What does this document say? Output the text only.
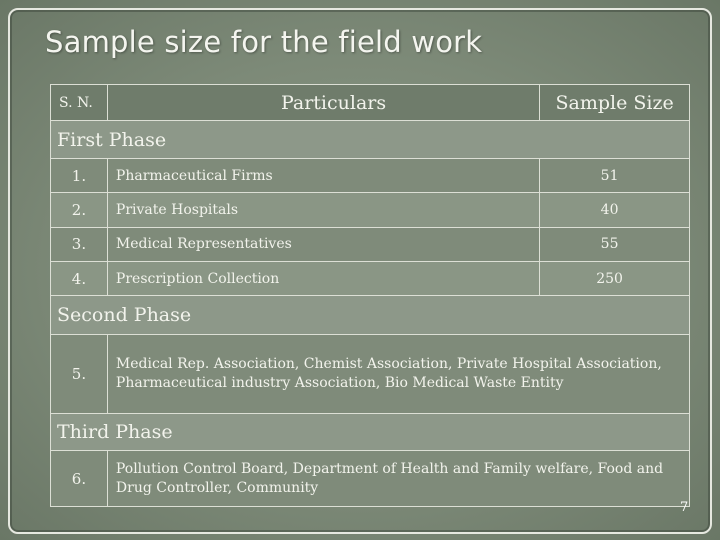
Sample size for the field work
S. N.	Particulars	Sample Size
First Phase		
1.	Pharmaceutical Firms	51
2.	Private Hospitals	40
3.	Medical Representatives	55
4.	Prescription Collection	250
Second Phase		
5.	Medical Rep. Association, Chemist Association, Private Hospital Association, Pharmaceutical industry Association, Bio Medical Waste Entity	
Third Phase		
6.	Pollution Control Board, Department of Health and Family welfare, Food and Drug Controller, Community	
7
